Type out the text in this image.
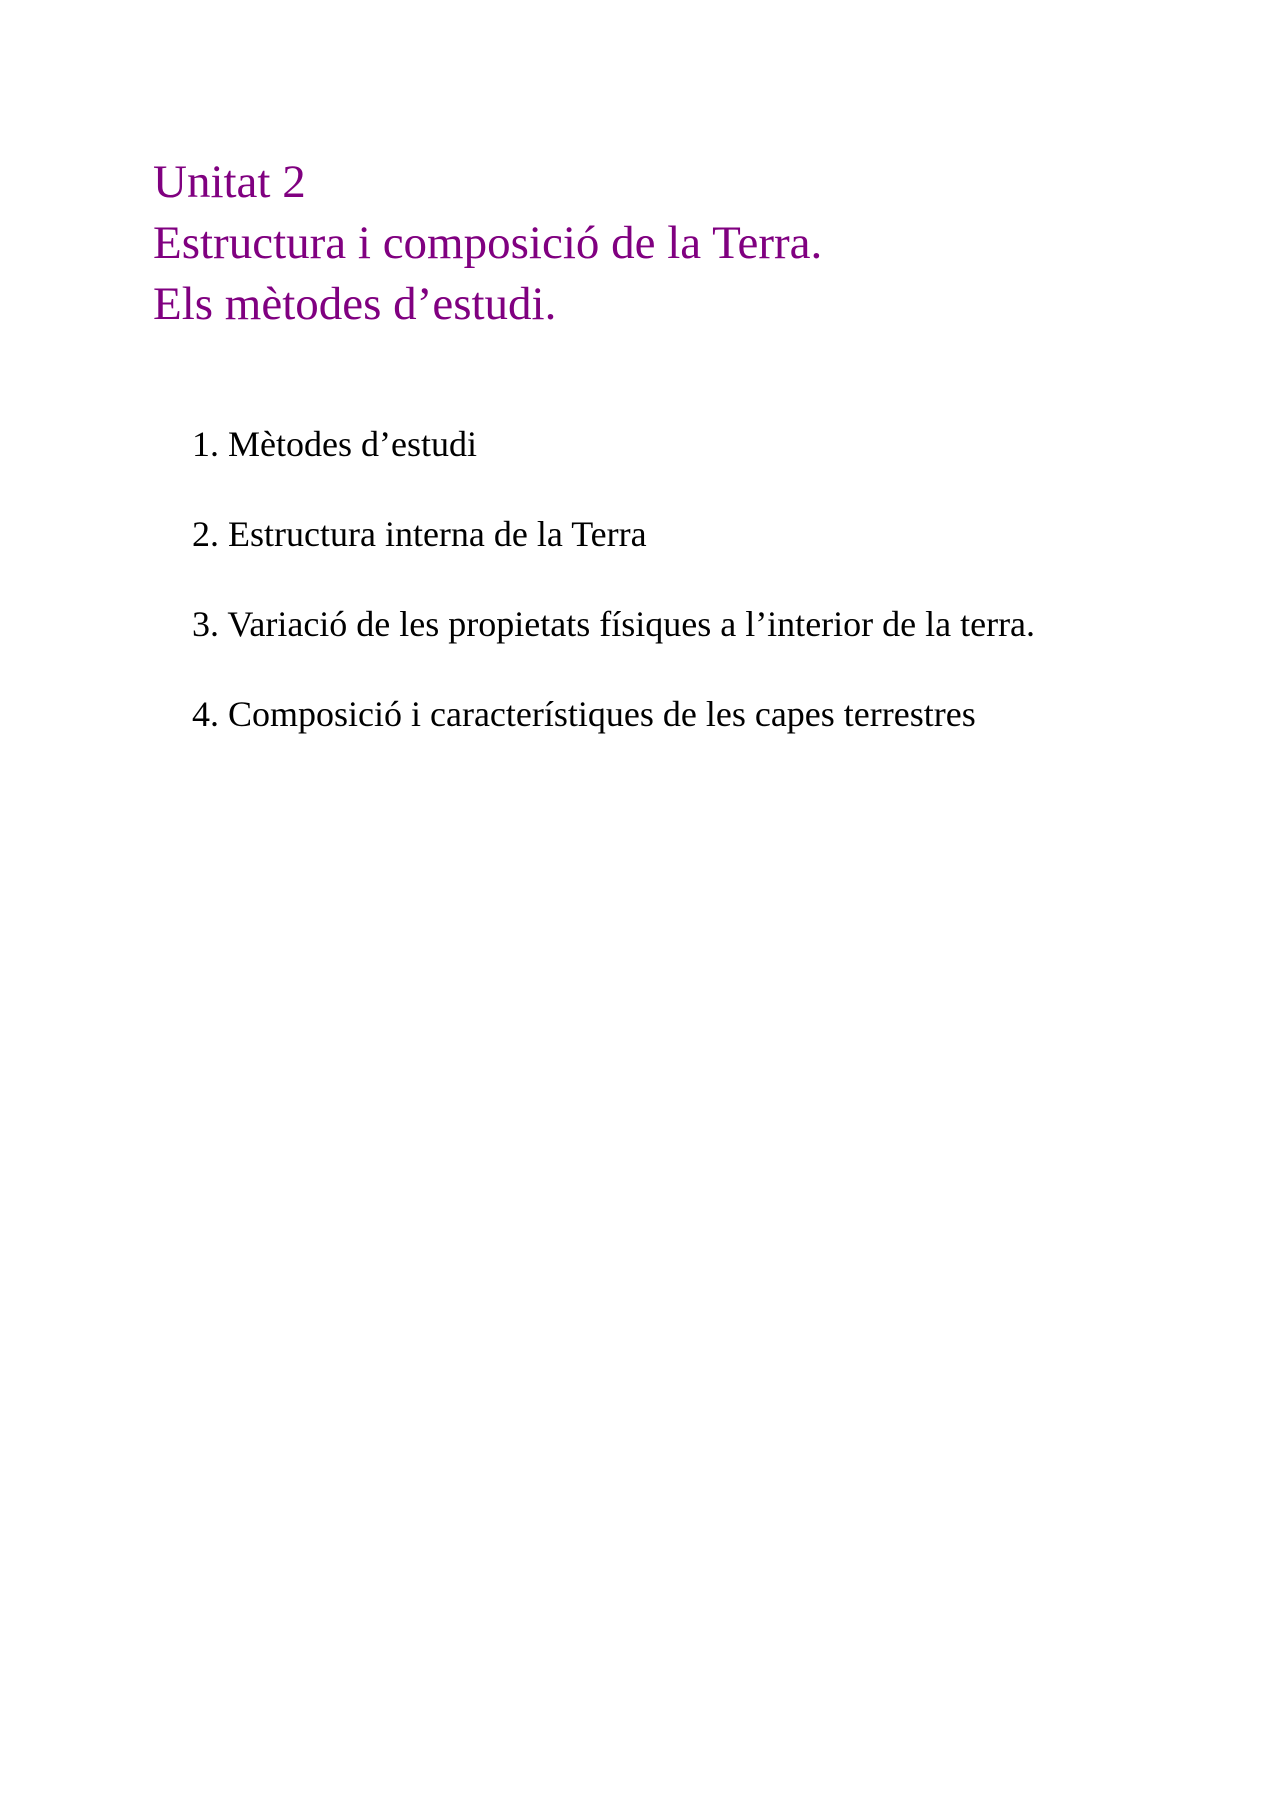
Unitat 2
Estructura i composició de la Terra.
Els mètodes d’estudi.
1. Mètodes d’estudi
2. Estructura interna de la Terra
3. Variació de les propietats físiques a l’interior de la terra.
4. Composició i característiques de les capes terrestres
